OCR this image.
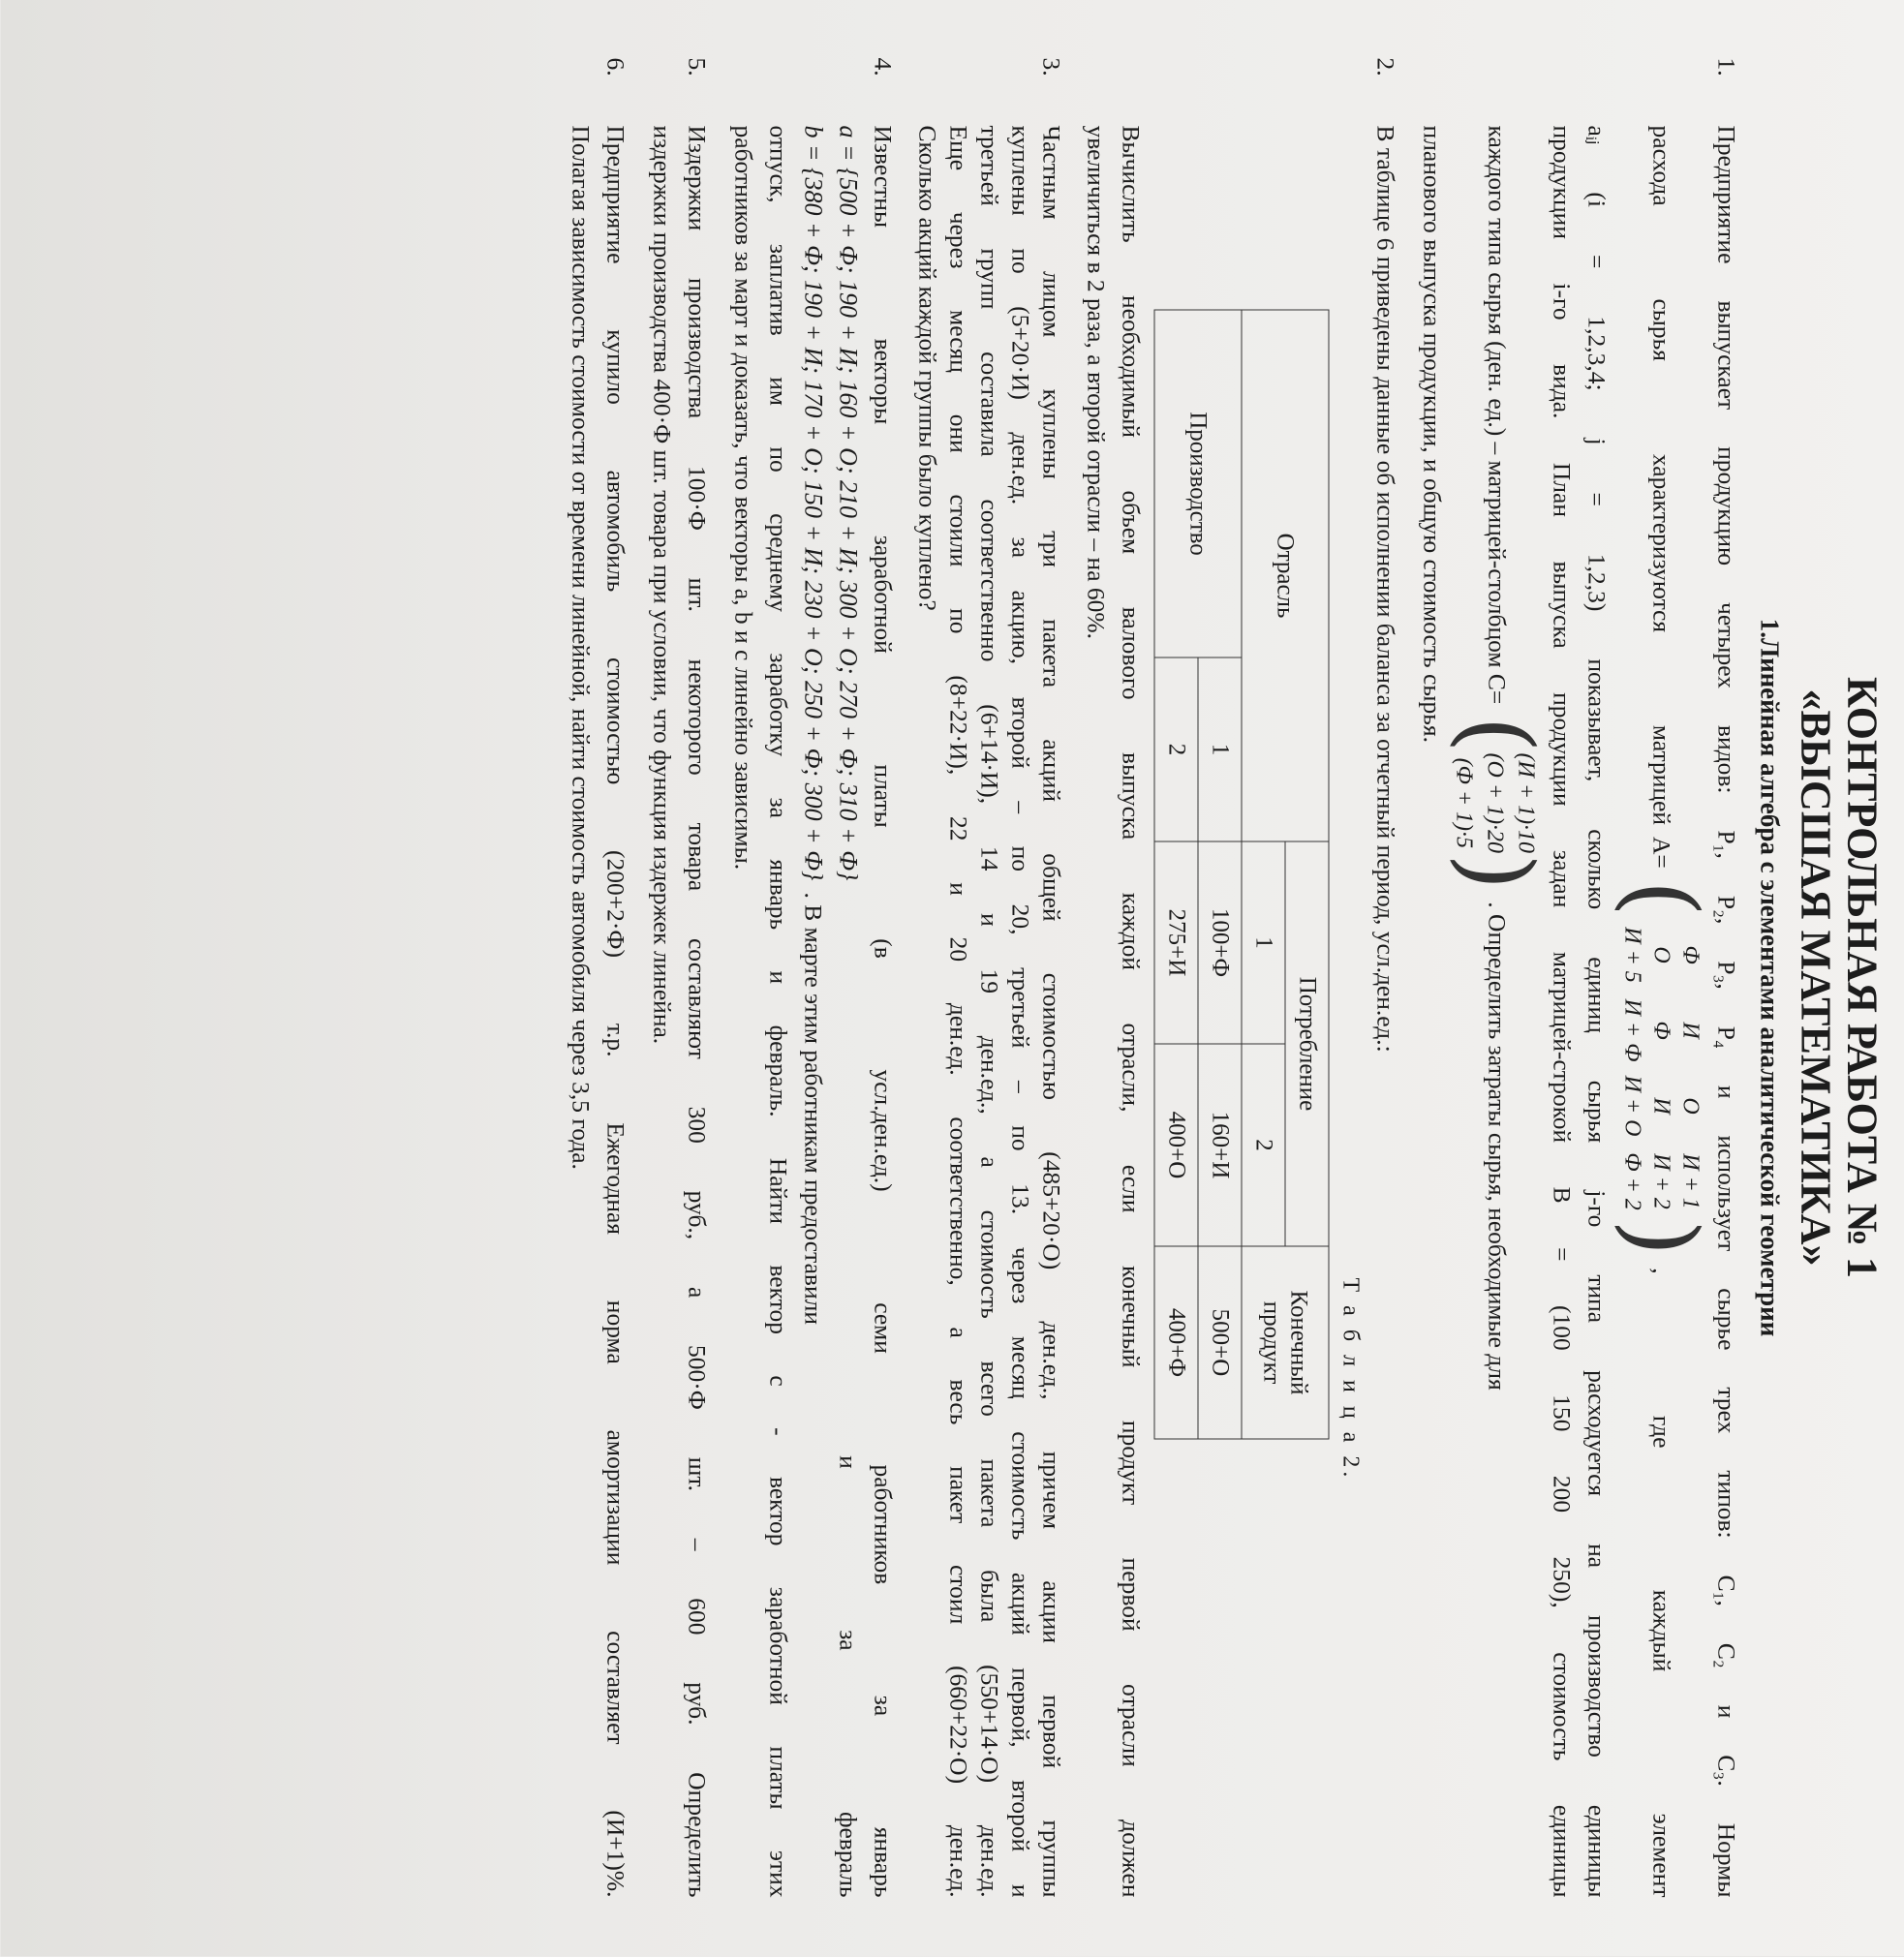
КОНТРОЛЬНАЯ РАБОТА № 1

«ВЫСШАЯ МАТЕМАТИКА»

1.Линейная алгебра с элементами аналитической геометрии

1.
Предприятие выпускает продукцию четырех видов: P₁, P₂, P₃, P₄ и использует сырье трех типов: C₁, C₂ и C₃. Нормы
расхода сырья характеризуются матрицей
A=
(
Ф
И
О
И + 1
О
Ф
И
И + 2
И + 5
И + Ф
И + О
Ф + 2
)
, где каждый элемент
aᵢⱼ (i = 1,2,3,4; j = 1,2,3) показывает, сколько единиц сырья j-го типа расходуется на производство единицы
продукции i-го вида. План выпуска продукции задан матрицей-строкой B = (100 150 200 250), стоимость единицы
каждого типа сырья (ден. ед.) – матрицей-столбцом C=
(
(И + 1)·10
(О + 1)·20
(Ф + 1)·5
)
. Определить затраты сырья, необходимые для
планового выпуска продукции, и общую стоимость сырья.
2.
В таблице 6 приведены данные об исполнении баланса за отчетный период, усл.ден.ед.:
Т а б л и ц а 2.
Отрасль		Потребление		Конечный продукт
		1	2	
Производство	1	100+Ф	160+И	500+О
	2	275+И	400+О	400+Ф
Вычислить необходимый объем валового выпуска каждой отрасли, если конечный продукт первой отрасли должен
увеличиться в 2 раза, а второй отрасли – на 60%.
3.
Частным лицом куплены три пакета акций общей стоимостью (485+20·О) ден.ед., причем акции первой группы
куплены по (5+20·И) ден.ед. за акцию, второй – по 20, третьей – по 13. через месяц стоимость акций первой, второй и
третьей групп составила соответственно (6+14·И), 14 и 19 ден.ед., а стоимость всего пакета была (550+14·О) ден.ед.
Еще через месяц они стоили по (8+22·И), 22 и 20 ден.ед. соответственно, а весь пакет стоил (660+22·О) ден.ед.
Сколько акций каждой группы было куплено?
4.
Известны векторы заработной платы (в усл.ден.ед.) семи работников за январь
a = {500 + Ф; 190 + И; 160 + О; 210 + И; 300 + О; 270 + Ф; 310 + Ф}
и за февраль
b = {380 + Ф; 190 + И; 170 + О; 150 + И; 230 + О; 250 + Ф; 300 + Ф}
. В марте этим работникам предоставили
отпуск, заплатив им по среднему заработку за январь и февраль. Найти вектор c - вектор заработной платы этих
работников за март и доказать, что векторы a, b и c линейно зависимы.
5.
Издержки производства 100·Ф шт. некоторого товара составляют 300 руб., а 500·Ф шт. – 600 руб. Определить
издержки производства 400·Ф шт. товара при условии, что функция издержек линейна.
6.
Предприятие купило автомобиль стоимостью (200+2·Ф) т.р. Ежегодная норма амортизации составляет (И+1)%.
Полагая зависимость стоимости от времени линейной, найти стоимость автомобиля через 3,5 года.
